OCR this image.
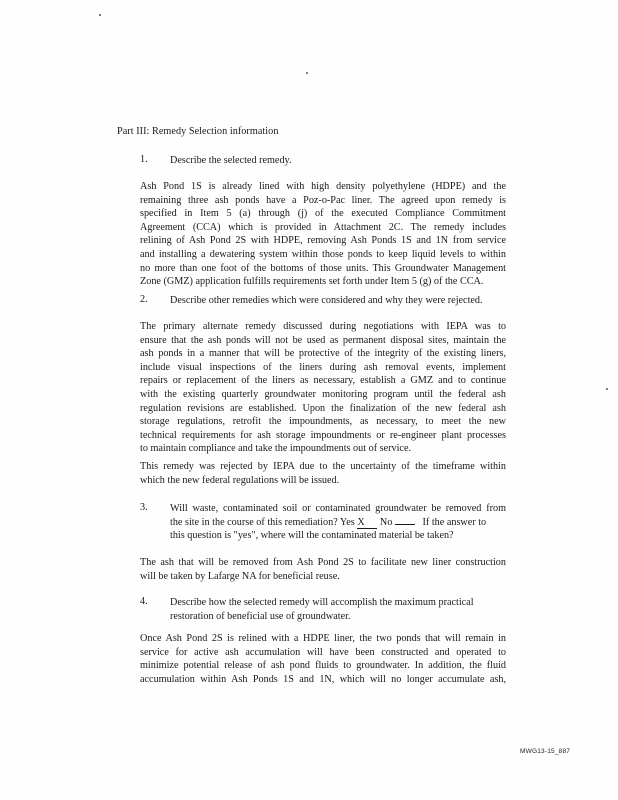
Part III: Remedy Selection information
1. Describe the selected remedy.
Ash Pond 1S is already lined with high density polyethylene (HDPE) and the
remaining three ash ponds have a Poz-o-Pac liner. The agreed upon remedy is
specified in Item 5 (a) through (j) of the executed Compliance Commitment
Agreement (CCA) which is provided in Attachment 2C. The remedy includes
relining of Ash Pond 2S with HDPE, removing Ash Ponds 1S and 1N from service
and installing a dewatering system within those ponds to keep liquid levels to within
no more than one foot of the bottoms of those units. This Groundwater Management
Zone (GMZ) application fulfills requirements set forth under Item 5 (g) of the CCA.
2. Describe other remedies which were considered and why they were rejected.
The primary alternate remedy discussed during negotiations with IEPA was to
ensure that the ash ponds will not be used as permanent disposal sites, maintain the
ash ponds in a manner that will be protective of the integrity of the existing liners,
include visual inspections of the liners during ash removal events, implement
repairs or replacement of the liners as necessary, establish a GMZ and to continue
with the existing quarterly groundwater monitoring program until the federal ash
regulation revisions are established. Upon the finalization of the new federal ash
storage regulations, retrofit the impoundments, as necessary, to meet the new
technical requirements for ash storage impoundments or re-engineer plant processes
to maintain compliance and take the impoundments out of service.
This remedy was rejected by IEPA due to the uncertainty of the timeframe within
which the new federal regulations will be issued.
3. Will waste, contaminated soil or contaminated groundwater be removed from
the site in the course of this remediation? Yes X No	If the answer to
this question is "yes", where will the contaminated material be taken?
The ash that will be removed from Ash Pond 2S to facilitate new liner construction
will be taken by Lafarge NA for beneficial reuse.
4. Describe how the selected remedy will accomplish the maximum practical
restoration of beneficial use of groundwater.
Once Ash Pond 2S is relined with a HDPE liner, the two ponds that will remain in
service for active ash accumulation will have been constructed and operated to
minimize potential release of ash pond fluids to groundwater. In addition, the fluid
accumulation within Ash Ponds 1S and 1N, which will no longer accumulate ash,
MWG13-15_887
